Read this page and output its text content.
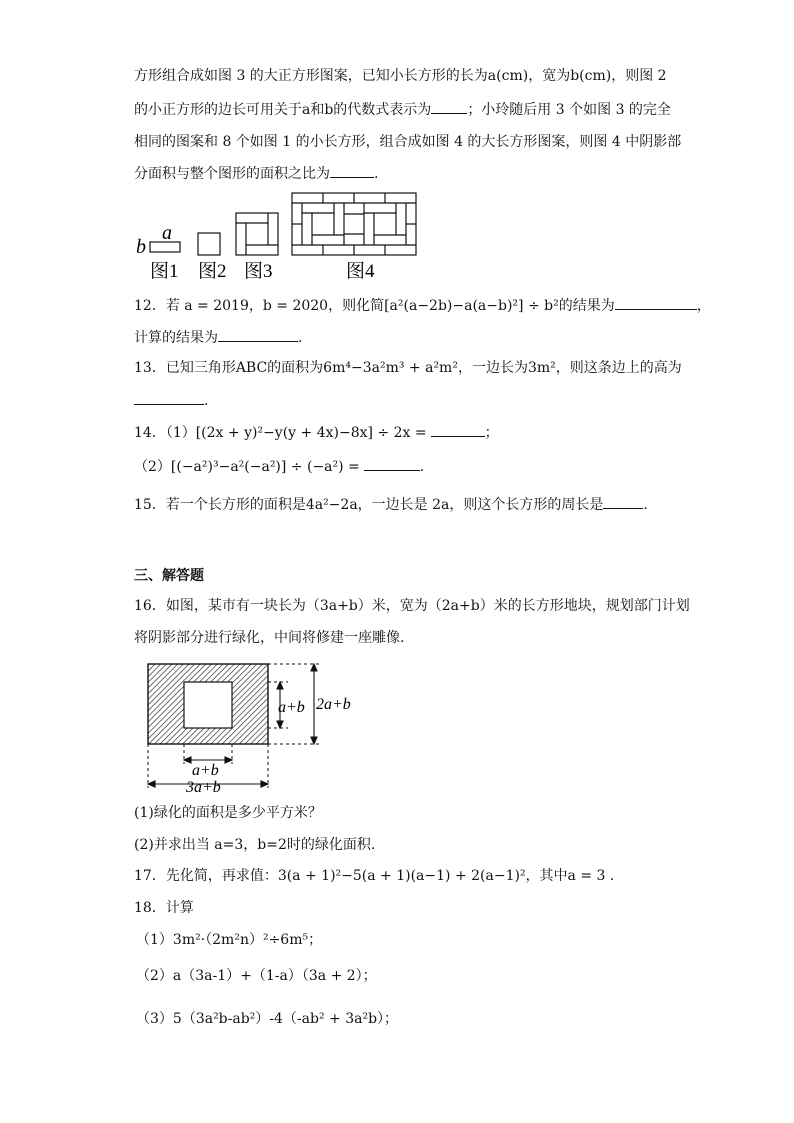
方形组合成如图 3 的大正方形图案，已知小长方形的长为a(cm)，宽为b(cm)，则图 2
的小正方形的边长可用关于a和b的代数式表示为	；小玲随后用 3 个如图 3 的完全
相同的图案和 8 个如图 1 的小长方形，组合成如图 4 的大长方形图案，则图 4 中阴影部
分面积与整个图形的面积之比为	.
a
b
图1 图2 图3	图4
12．若 a = 2019，b = 2020，则化简[a²(a−2b)−a(a−b)²] ÷ b²的结果为	，
计算的结果为	.
13．已知三角形ABC的面积为6m⁴−3a²m³ + a²m²，一边长为3m²，则这条边上的高为
.
14．（1）[(2x + y)²−y(y + 4x)−8x] ÷ 2x =	；
（2）[(−a²)³−a²(−a²)] ÷ (−a²) =	.
15．若一个长方形的面积是4a²−2a，一边长是 2a，则这个长方形的周长是	.
三、解答题
16．如图，某市有一块长为（3a+b）米，宽为（2a+b）米的长方形地块，规划部门计划
将阴影部分进行绿化，中间将修建一座雕像.
a+b 2a+b
a+b
3a+b
(1)绿化的面积是多少平方米？
(2)并求出当 a=3，b=2时的绿化面积.
17．先化简，再求值：3(a + 1)²−5(a + 1)(a−1) + 2(a−1)²，其中a = 3 .
18．计算
（1）3m²·（2m²n）²÷6m⁵；
（2）a（3a-1）+（1-a）（3a + 2）；
（3）5（3a²b-ab²）-4（-ab² + 3a²b）；
